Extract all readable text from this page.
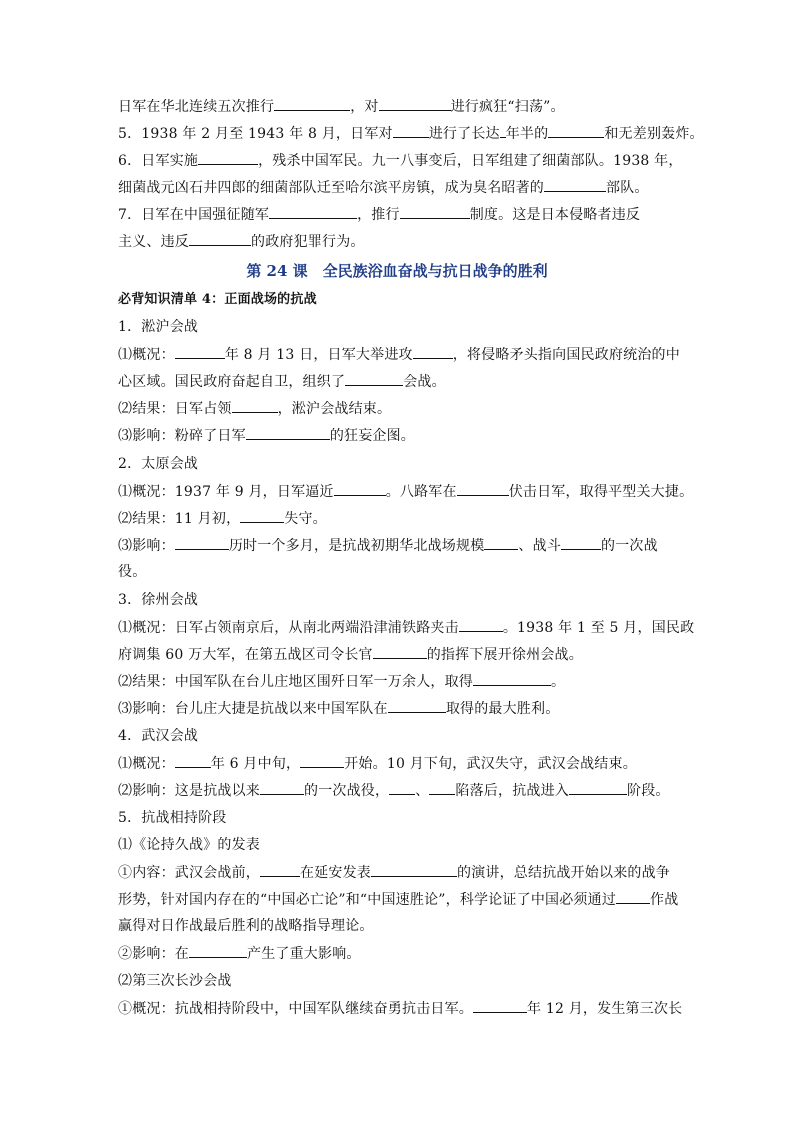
日军在华北连续五次推行	，对	进行疯狂“扫荡”。
5．1938 年 2 月至 1943 年 8 月，日军对	进行了长达 年半的	和无差别轰炸。
6．日军实施	，残杀中国军民。九一八事变后，日军组建了细菌部队。1938 年，
细菌战元凶石井四郎的细菌部队迁至哈尔滨平房镇，成为臭名昭著的	部队。
7．日军在中国强征随军	，推行	制度。这是日本侵略者违反
主义、违反	的政府犯罪行为。
第 24 课　全民族浴血奋战与抗日战争的胜利
必背知识清单 4：正面战场的抗战
1．淞沪会战
⑴概况：	年 8 月 13 日，日军大举进攻	，将侵略矛头指向国民政府统治的中
心区域。国民政府奋起自卫，组织了	会战。
⑵结果：日军占领	，淞沪会战结束。
⑶影响：粉碎了日军	的狂妄企图。
2．太原会战
⑴概况：1937 年 9 月，日军逼近	。八路军在	伏击日军，取得平型关大捷。
⑵结果：11 月初，	失守。
⑶影响：	历时一个多月，是抗战初期华北战场规模 、战斗	的一次战
役。
3．徐州会战
⑴概况：日军占领南京后，从南北两端沿津浦铁路夹击	。1938 年 1 至 5 月，国民政
府调集 60 万大军，在第五战区司令长官	的指挥下展开徐州会战。
⑵结果：中国军队在台儿庄地区围歼日军一万余人，取得	。
⑶影响：台儿庄大捷是抗战以来中国军队在	取得的最大胜利。
4．武汉会战
⑴概况：	年 6 月中旬，	开始。10 月下旬，武汉失守，武汉会战结束。
⑵影响：这是抗战以来	的一次战役， 、 陷落后，抗战进入	阶段。
5．抗战相持阶段
⑴《论持久战》的发表
①内容：武汉会战前，	在延安发表	的演讲，总结抗战开始以来的战争
形势，针对国内存在的“中国必亡论”和“中国速胜论”，科学论证了中国必须通过 作战
赢得对日作战最后胜利的战略指导理论。
②影响：在	产生了重大影响。
⑵第三次长沙会战
①概况：抗战相持阶段中，中国军队继续奋勇抗击日军。	年 12 月，发生第三次长
